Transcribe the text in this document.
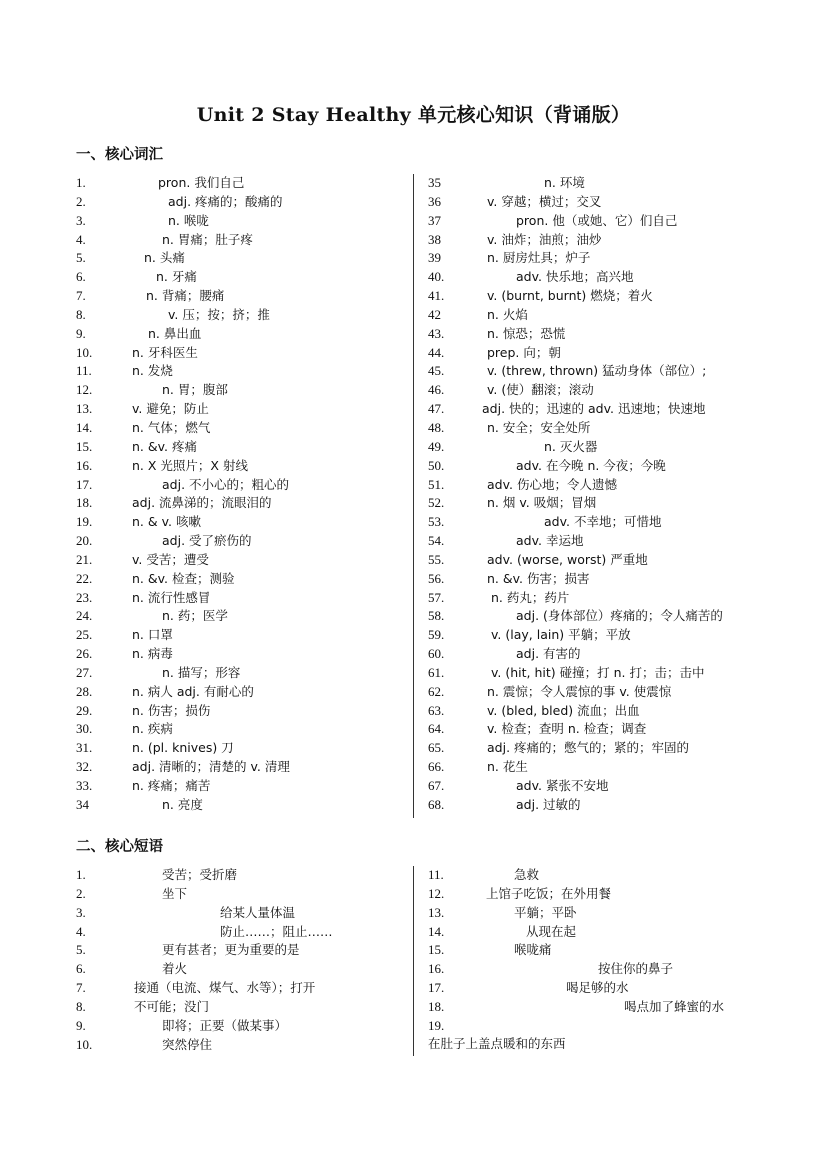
Unit 2 Stay Healthy 单元核心知识（背诵版）
一、核心词汇
1.	pron. 我们自己
2.	adj. 疼痛的；酸痛的
3.	n. 喉咙
4.	n. 胃痛；肚子疼
5.	n. 头痛
6.	n. 牙痛
7.	n. 背痛；腰痛
8.	v. 压；按；挤；推
9.	n. 鼻出血
10.	n. 牙科医生
11.	n. 发烧
12.	n. 胃；腹部
13.	v. 避免；防止
14.	n. 气体；燃气
15.	n. &v. 疼痛
16.	n. X 光照片；X 射线
17.	adj. 不小心的；粗心的
18.	adj. 流鼻涕的；流眼泪的
19.	n. & v. 咳嗽
20.	adj. 受了瘀伤的
21.	v. 受苦；遭受
22.	n. &v. 检查；测验
23.	n. 流行性感冒
24.	n. 药；医学
25.	n. 口罩
26.	n. 病毒
27.	n. 描写；形容
28.	n. 病人 adj. 有耐心的
29.	n. 伤害；损伤
30.	n. 疾病
31.	n. (pl. knives) 刀
32.	adj. 清晰的；清楚的 v. 清理
33.	n. 疼痛；痛苦
34	n. 亮度
35	n. 环境
36	v. 穿越；横过；交叉
37	pron. 他（或她、它）们自己
38	v. 油炸；油煎；油炒
39	n. 厨房灶具；炉子
40.	adv. 快乐地；高兴地
41.	v. (burnt, burnt) 燃烧；着火
42	n. 火焰
43.	n. 惊恐；恐慌
44.	prep. 向；朝
45.	v. (threw, thrown) 猛动身体（部位）;
46.	v. (使）翻滚；滚动
47.	adj. 快的；迅速的 adv. 迅速地；快速地
48.	n. 安全；安全处所
49.	n. 灭火器
50.	adv. 在今晚 n. 今夜；今晚
51.	adv. 伤心地；令人遗憾
52.	n. 烟 v. 吸烟；冒烟
53.	adv. 不幸地；可惜地
54.	adv. 幸运地
55.	adv. (worse, worst) 严重地
56.	n. &v. 伤害；损害
57.	n. 药丸；药片
58.	adj. (身体部位）疼痛的；令人痛苦的
59.	v. (lay, lain) 平躺；平放
60.	adj. 有害的
61.	v. (hit, hit) 碰撞；打 n. 打；击；击中
62.	n. 震惊；令人震惊的事 v. 使震惊
63.	v. (bled, bled) 流血；出血
64.	v. 检查；查明 n. 检查；调查
65.	adj. 疼痛的；憋气的；紧的；牢固的
66.	n. 花生
67.	adv. 紧张不安地
68.	adj. 过敏的
二、核心短语
1.	受苦；受折磨
2.	坐下
3.	给某人量体温
4.	防止……；阻止……
5.	更有甚者；更为重要的是
6.	着火
7.	接通（电流、煤气、水等）；打开
8.	不可能；没门
9.	即将；正要（做某事）
10.	突然停住
11.	急救
12.	上馆子吃饭；在外用餐
13.	平躺；平卧
14.	从现在起
15.	喉咙痛
16.	按住你的鼻子
17.	喝足够的水
18.	喝点加了蜂蜜的水
19.
在肚子上盖点暖和的东西
